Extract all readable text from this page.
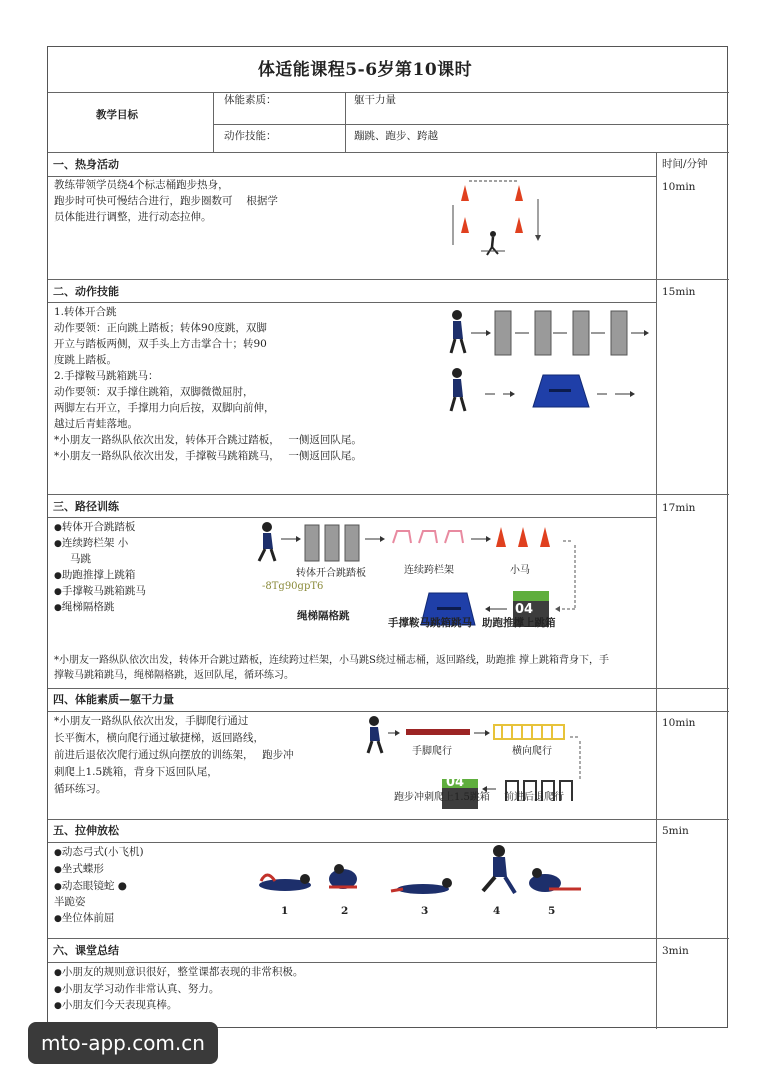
体适能课程5-6岁第10课时
教学目标
体能素质：	躯干力量
动作技能：	蹦跳、跑步、跨越
一、热身活动	时间/分钟
10min
教练带领学员绕4个标志桶跑步热身，
跑步时可快可慢结合进行，跑步圈数可　 根据学
员体能进行调整，进行动态拉伸。
二、动作技能	15min
1.转体开合跳
动作要领：正向跳上踏板；转体90度跳，双脚
开立与踏板两侧，双手头上方击掌合十；转90
度跳上踏板。
2.手撑鞍马跳箱跳马：
动作要领：双手撑住跳箱，双脚微微屈肘，
两脚左右开立，手撑用力向后按，双脚向前伸，
越过后青蛙落地。
*小朋友一路纵队依次出发，转体开合跳过踏板，　 一侧返回队尾。
*小朋友一路纵队依次出发，手撑鞍马跳箱跳马，　 一侧返回队尾。
三、路径训练	17min
●转体开合跳踏板
●连续跨栏架 小
马跳
●助跑推撑上跳箱
●手撑鞍马跳箱跳马
●绳梯隔格跳
转体开合跳踏板	连续跨栏架	小马
-8Tg90gpT6
绳梯隔格跳
手撑鞍马跳箱跳马 助跑推撑上跳箱
04
*小朋友一路纵队依次出发，转体开合跳过踏板，连续跨过栏架，小马跳S绕过桶志桶，返回路线，助跑推 撑上跳箱背身下，手
撑鞍马跳箱跳马，绳梯隔格跳，返回队尾，循环练习。
四、体能素质—躯干力量
10min
*小朋友一路纵队依次出发，手脚爬行通过
长平衡木，横向爬行通过敏捷梯，返回路线，
前进后退依次爬行通过纵向摆放的训练架，　 跑步冲
刺爬上1.5跳箱，背身下返回队尾，
循环练习。
手脚爬行	横向爬行
04
跑步冲刺爬上1.5跳箱 前进后退爬行
五、拉伸放松	5min
●动态弓式(小飞机)
●坐式蝶形
●动态眼镜蛇 ●
半跪姿
●坐位体前屈
1	2	3	4	5
六、课堂总结	3min
●小朋友的规则意识很好，整堂课都表现的非常积极。
●小朋友学习动作非常认真、努力。
●小朋友们今天表现真棒。
mto-app.com.cn
